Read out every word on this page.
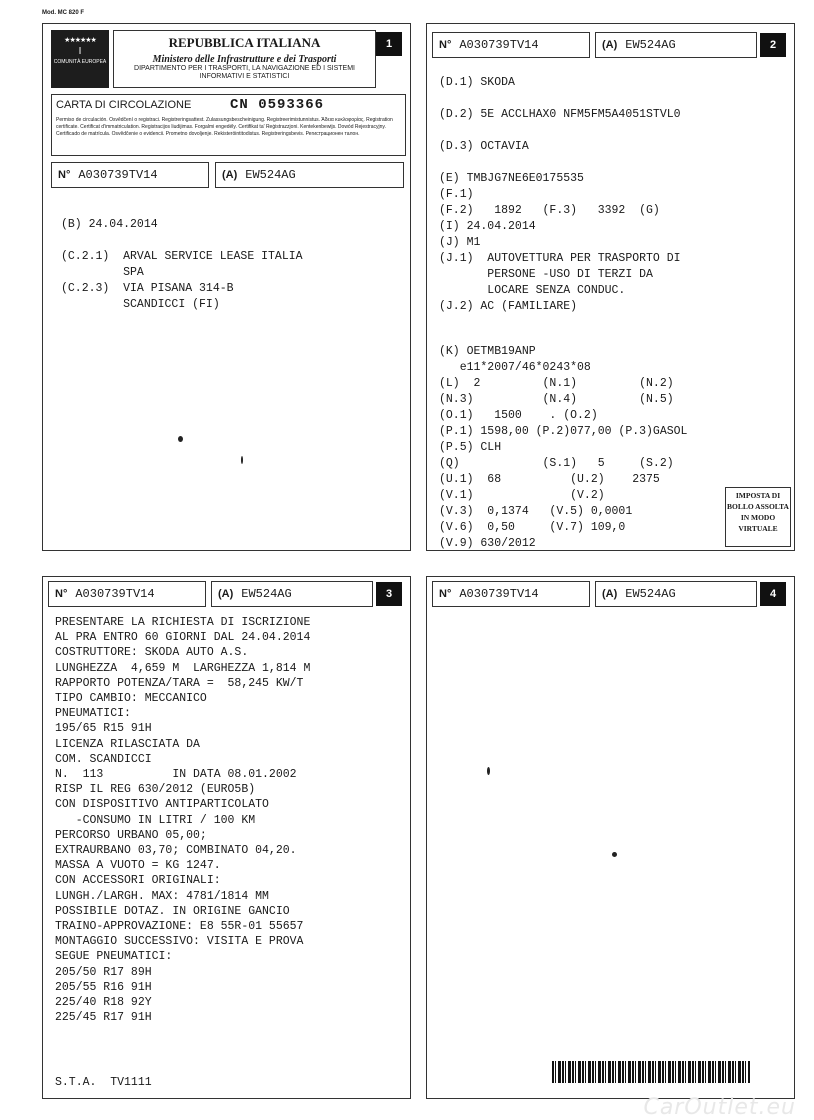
Mod. MC 820 F
★★★★★★
I
COMUNITÀ EUROPEA
REPUBBLICA ITALIANA
Ministero delle Infrastrutture e dei Trasporti
DIPARTIMENTO PER I TRASPORTI, LA NAVIGAZIONE ED I SISTEMI INFORMATIVI E STATISTICI
1
CARTA DI CIRCOLAZIONE	CN 0593366
Permiso de circulación. Osvědčení o registraci. Registreringsattest. Zulassungsbescheinigung. Registreerimistunnistus. Άδεια κυκλοφορίας. Registration certificate. Certificat d'immatriculation. Registracijos liudijimas. Forgalmi engedély. Certifikat ta' Reġistrazzjoni. Kentekenbewijs. Dowód Rejestracyjny. Certificado de matrícula. Osvědčenie o evidencii. Prometno dovoljenje. Rekisteröintitodistus. Registreringsbevis. Регистрационен талон.
N° A030739TV14	(A) EW524AG
(B) 24.04.2014
(C.2.1)  ARVAL SERVICE LEASE ITALIA
SPA
(C.2.3)  VIA PISANA 314-B
SCANDICCI (FI)
N° A030739TV14	(A) EW524AG	2
(D.1) SKODA

(D.2) 5E ACCLHAX0 NFM5FM5A4051STVL0

(D.3) OCTAVIA

(E) TMBJG7NE6E0175535
(F.1)
(F.2)   1892   (F.3)   3392  (G)
(I) 24.04.2014
(J) M1
(J.1)  AUTOVETTURA PER TRASPORTO DI
PERSONE -USO DI TERZI DA
LOCARE SENZA CONDUC.
(J.2) AC (FAMILIARE)
(K) OETMB19ANP
e11*2007/46*0243*08
(L)  2         (N.1)         (N.2)
(N.3)          (N.4)         (N.5)
(O.1)   1500    . (O.2)
(P.1) 1598,00 (P.2)077,00 (P.3)GASOL
(P.5) CLH
(Q)            (S.1)   5     (S.2)
(U.1)  68          (U.2)    2375
(V.1)              (V.2)
(V.3)  0,1374   (V.5) 0,0001
(V.6)  0,50     (V.7) 109,0
(V.9) 630/2012
IMPOSTA DI BOLLO ASSOLTA IN MODO VIRTUALE
N° A030739TV14	(A) EW524AG	3
PRESENTARE LA RICHIESTA DI ISCRIZIONE
AL PRA ENTRO 60 GIORNI DAL 24.04.2014
COSTRUTTORE: SKODA AUTO A.S.
LUNGHEZZA  4,659 M  LARGHEZZA 1,814 M
RAPPORTO POTENZA/TARA =  58,245 KW/T
TIPO CAMBIO: MECCANICO
PNEUMATICI:
195/65 R15 91H
LICENZA RILASCIATA DA
COM. SCANDICCI
N.  113          IN DATA 08.01.2002
RISP IL REG 630/2012 (EURO5B)
CON DISPOSITIVO ANTIPARTICOLATO
-CONSUMO IN LITRI / 100 KM
PERCORSO URBANO 05,00;
EXTRAURBANO 03,70; COMBINATO 04,20.
MASSA A VUOTO = KG 1247.
CON ACCESSORI ORIGINALI:
LUNGH./LARGH. MAX: 4781/1814 MM
POSSIBILE DOTAZ. IN ORIGINE GANCIO
TRAINO-APPROVAZIONE: E8 55R-01 55657
MONTAGGIO SUCCESSIVO: VISITA E PROVA
SEGUE PNEUMATICI:
205/50 R17 89H
205/55 R16 91H
225/40 R18 92Y
225/45 R17 91H
S.T.A.  TV1111
N° A030739TV14	(A) EW524AG	4
CarOutlet.eu
